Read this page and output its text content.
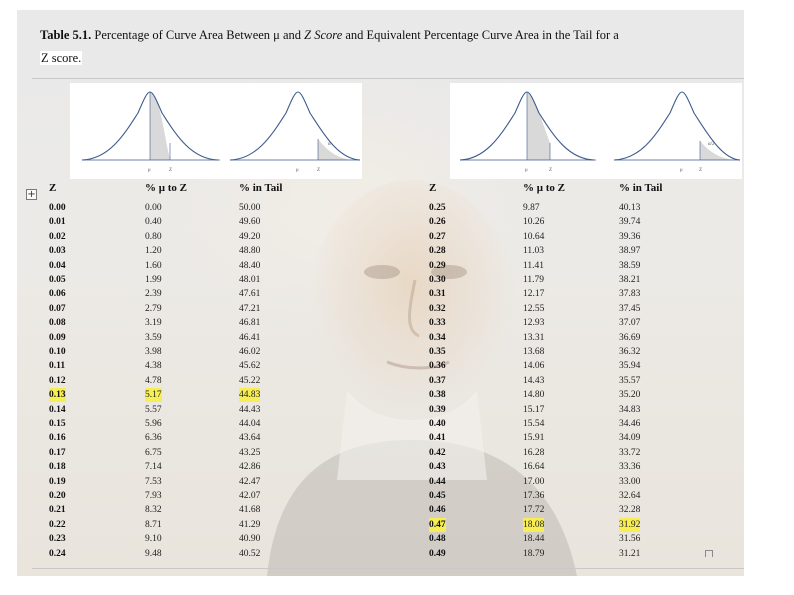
Table 5.1. Percentage of Curve Area Between μ and Z Score and Equivalent Percentage Curve Area in the Tail for a
Z score.
μ	Z	μ	Z
α
μ	Z	μ	Z
α/2
+
Z	% μ to Z	% in Tail	Z	% μ to Z	% in Tail
0.00	0.00	50.00	0.25	9.87	40.13
0.01	0.40	49.60	0.26	10.26	39.74
0.02	0.80	49.20	0.27	10.64	39.36
0.03	1.20	48.80	0.28	11.03	38.97
0.04	1.60	48.40	0.29	11.41	38.59
0.05	1.99	48.01	0.30	11.79	38.21
0.06	2.39	47.61	0.31	12.17	37.83
0.07	2.79	47.21	0.32	12.55	37.45
0.08	3.19	46.81	0.33	12.93	37.07
0.09	3.59	46.41	0.34	13.31	36.69
0.10	3.98	46.02	0.35	13.68	36.32
0.11	4.38	45.62	0.36	14.06	35.94
0.12	4.78	45.22	0.37	14.43	35.57
0.13	5.17	44.83	0.38	14.80	35.20
0.14	5.57	44.43	0.39	15.17	34.83
0.15	5.96	44.04	0.40	15.54	34.46
0.16	6.36	43.64	0.41	15.91	34.09
0.17	6.75	43.25	0.42	16.28	33.72
0.18	7.14	42.86	0.43	16.64	33.36
0.19	7.53	42.47	0.44	17.00	33.00
0.20	7.93	42.07	0.45	17.36	32.64
0.21	8.32	41.68	0.46	17.72	32.28
0.22	8.71	41.29	0.47	18.08	31.92
0.23	9.10	40.90	0.48	18.44	31.56
0.24	9.48	40.52	0.49	18.79	31.21
